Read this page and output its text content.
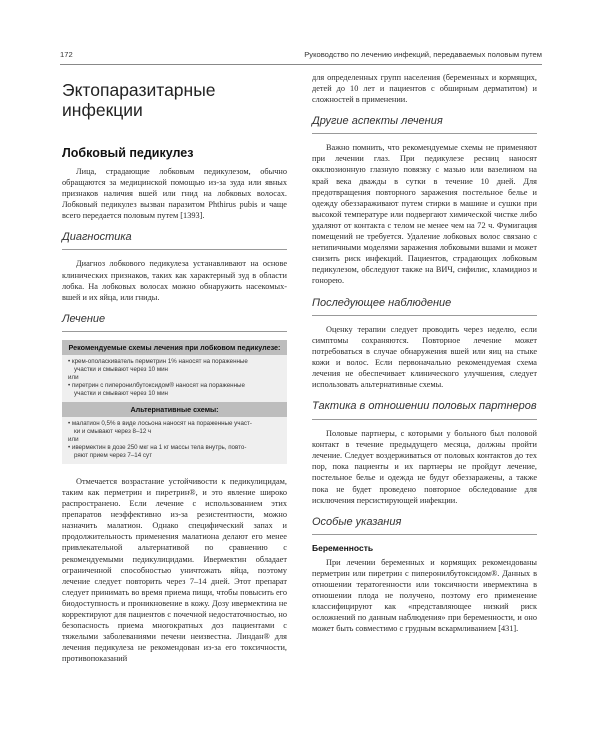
172	Руководство по лечению инфекций, передаваемых половым путем
Эктопаразитарные инфекции
Лобковый педикулез

Лица, страдающие лобковым педикулезом, обычно обращаются за медицинской помощью из-за зуда или явных признаков наличия вшей или гнид на лобковых волосах. Лобковый педикулез вызван паразитом Phthirus pubis и чаще всего передается половым путем [1393].

Диагностика

Диагноз лобкового педикулеза устанавливают на основе клинических признаков, таких как характерный зуд в области лобка. На лобковых волосах можно обнаружить насекомых-вшей и их яйца, или гниды.

Лечение
Рекомендуемые схемы лечения при лобковом педикулезе:
• крем-ополаскиватель перметрин 1% наносят на пораженные
участки и смывают через 10 мин
или
• пиретрин с пиперонилбутоксидом® наносят на пораженные
участки и смывают через 10 мин
Альтернативные схемы:
• малатион 0,5% в виде лосьона наносят на пораженные участ-
ки и смывают через 8–12 ч
или
• ивермектин в дозе 250 мкг на 1 кг массы тела внутрь, повто-
ряют прием через 7–14 сут

Отмечается возрастание устойчивости к педикулицидам, таким как перметрин и пиретрин®, и это явление широко распространено. Если лечение с использованием этих препаратов неэффективно из-за резистентности, можно назначить малатион. Однако специфический запах и продолжительность применения малатиона делают его менее привлекательной альтернативой по сравнению с рекомендуемыми педикулицидами. Ивермектин обладает ограниченной способностью уничтожать яйца, поэтому лечение следует повторить через 7–14 дней. Этот препарат следует принимать во время приема пищи, чтобы повысить его биодоступность и проникновение в кожу. Дозу ивермектина не корректируют для пациентов с почечной недостаточностью, но безопасность приема многократных доз пациентами с тяжелыми заболеваниями печени неизвестна. Линдан® для лечения педикулеза не рекомендован из-за его токсичности, противопоказаний

для определенных групп населения (беременных и кормящих, детей до 10 лет и пациентов с обширным дерматитом) и сложностей в применении.

Другие аспекты лечения

Важно помнить, что рекомендуемые схемы не применяют при лечении глаз. При педикулезе ресниц наносят окклюзионную глазную повязку с мазью или вазелином на край века дважды в сутки в течение 10 дней. Для предотвращения повторного заражения постельное белье и одежду обеззараживают путем стирки в машине и сушки при высокой температуре или подвергают химической чистке либо удаляют от контакта с телом не менее чем на 72 ч. Фумигация помещений не требуется. Удаление лобковых волос связано с нетипичными моделями заражения лобковыми вшами и может снизить риск инфекций. Пациентов, страдающих лобковым педикулезом, обследуют также на ВИЧ, сифилис, хламидиоз и гонорею.

Последующее наблюдение

Оценку терапии следует проводить через неделю, если симптомы сохраняются. Повторное лечение может потребоваться в случае обнаружения вшей или яиц на стыке кожи и волос. Если первоначально рекомендуемая схема лечения не обеспечивает клинического улучшения, следует использовать альтернативные схемы.

Тактика в отношении половых партнеров

Половые партнеры, с которыми у больного был половой контакт в течение предыдущего месяца, должны пройти лечение. Следует воздерживаться от половых контактов до тех пор, пока пациенты и их партнеры не пройдут лечение, постельное белье и одежда не будут обеззаражены, а также пока не будет проведено повторное обследование для исключения персистирующей инфекции.

Особые указания
Беременность

При лечении беременных и кормящих рекомендованы перметрин или пиретрин с пиперонилбутоксидом®. Данных в отношении тератогенности или токсичности ивермектина в отношении плода не получено, поэтому его применение классифицируют как «представляющее низкий риск осложнений по данным наблюдения» при беременности, и оно может быть совместимо с грудным вскармливанием [431].
